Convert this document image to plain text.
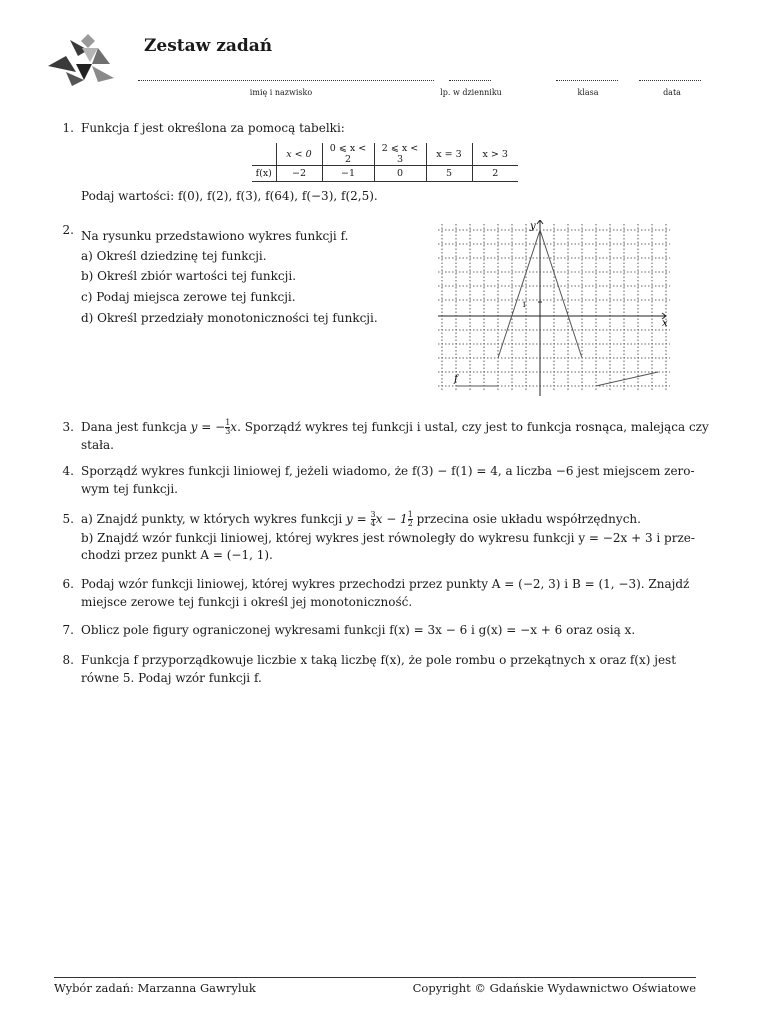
Zestaw zadań
imię i nazwisko	lp. w dzienniku	klasa	data
1. Funkcja f jest określona za pomocą tabelki:
Podaj wartości: f(0), f(2), f(3), f(64), f(−3), f(2,5).
	x < 0	0 ⩽ x < 2	2 ⩽ x < 3	x = 3	x > 3
f(x)	−2	−1	0	5	2
2. Na rysunku przedstawiono wykres funkcji f.
a) Określ dziedzinę tej funkcji.
b) Określ zbiór wartości tej funkcji.
c) Podaj miejsca zerowe tej funkcji.
d) Określ przedziały monotoniczności tej funkcji.
y
x
f
1
3. Dana jest funkcja y = − $\frac{1}{3} x$. Sporządź wykres tej funkcji i ustal, czy jest to funkcja rosnąca, malejąca czy
stała.
4. Sporządź wykres funkcji liniowej f, jeżeli wiadomo, że f(3) − f(1) = 4, a liczba −6 jest miejscem zero-
wym tej funkcji.
5. a) Znajdź punkty, w których wykres funkcji $y = \frac{3}{4}$ $x - 1 \frac{1}{2}$ przecina osie układu współrzędnych.
b) Znajdź wzór funkcji liniowej, której wykres jest równoległy do wykresu funkcji y = −2x + 3 i prze-
chodzi przez punkt A = (−1, 1).
6. Podaj wzór funkcji liniowej, której wykres przechodzi przez punkty A = (−2, 3) i B = (1, −3). Znajdź
miejsce zerowe tej funkcji i określ jej monotoniczność.
7. Oblicz pole figury ograniczonej wykresami funkcji f(x) = 3x − 6 i g(x) = −x + 6 oraz osią x.
8. Funkcja f przyporządkowuje liczbie x taką liczbę f(x), że pole rombu o przekątnych x oraz f(x) jest
równe 5. Podaj wzór funkcji f.
Wybór zadań: Marzanna Gawryluk	Copyright © Gdańskie Wydawnictwo Oświatowe
